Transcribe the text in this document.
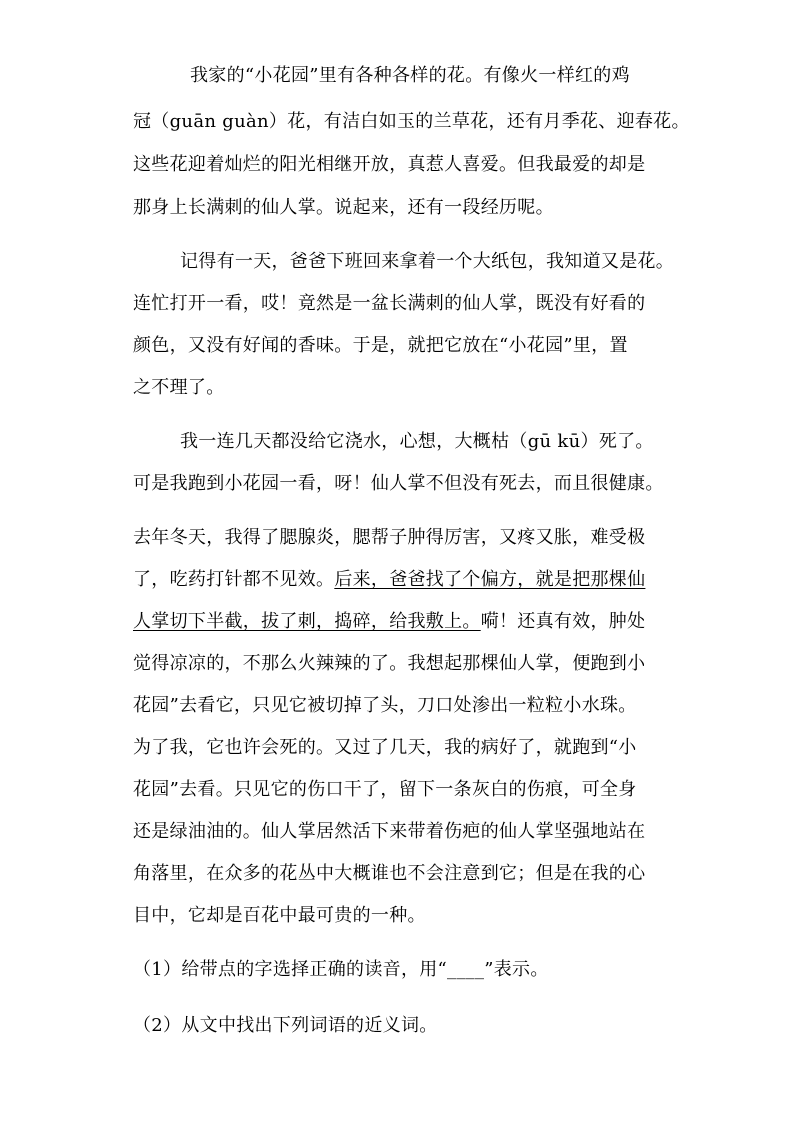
我家的“小花园”里有各种各样的花。有像火一样红的鸡
冠（guān guàn）花，有洁白如玉的兰草花，还有月季花、迎春花。
这些花迎着灿烂的阳光相继开放，真惹人喜爱。但我最爱的却是
那身上长满刺的仙人掌。说起来，还有一段经历呢。
记得有一天，爸爸下班回来拿着一个大纸包，我知道又是花。
连忙打开一看，哎！竟然是一盆长满刺的仙人掌，既没有好看的
颜色，又没有好闻的香味。于是，就把它放在“小花园”里，置
之不理了。
我一连几天都没给它浇水，心想，大概枯（gū kū）死了。
可是我跑到小花园一看，呀！仙人掌不但没有死去，而且很健康。
去年冬天，我得了腮腺炎，腮帮子肿得厉害，又疼又胀，难受极
了，吃药打针都不见效。后来，爸爸找了个偏方，就是把那棵仙
人掌切下半截，拔了刺，捣碎，给我敷上。嗬！还真有效，肿处
觉得凉凉的，不那么火辣辣的了。我想起那棵仙人掌，便跑到小
花园”去看它，只见它被切掉了头，刀口处渗出一粒粒小水珠。
为了我，它也许会死的。又过了几天，我的病好了，就跑到“小
花园”去看。只见它的伤口干了，留下一条灰白的伤痕，可全身
还是绿油油的。仙人掌居然活下来带着伤疤的仙人掌坚强地站在
角落里，在众多的花丛中大概谁也不会注意到它；但是在我的心
目中，它却是百花中最可贵的一种。
（1）给带点的字选择正确的读音，用“____”表示。
（2）从文中找出下列词语的近义词。
